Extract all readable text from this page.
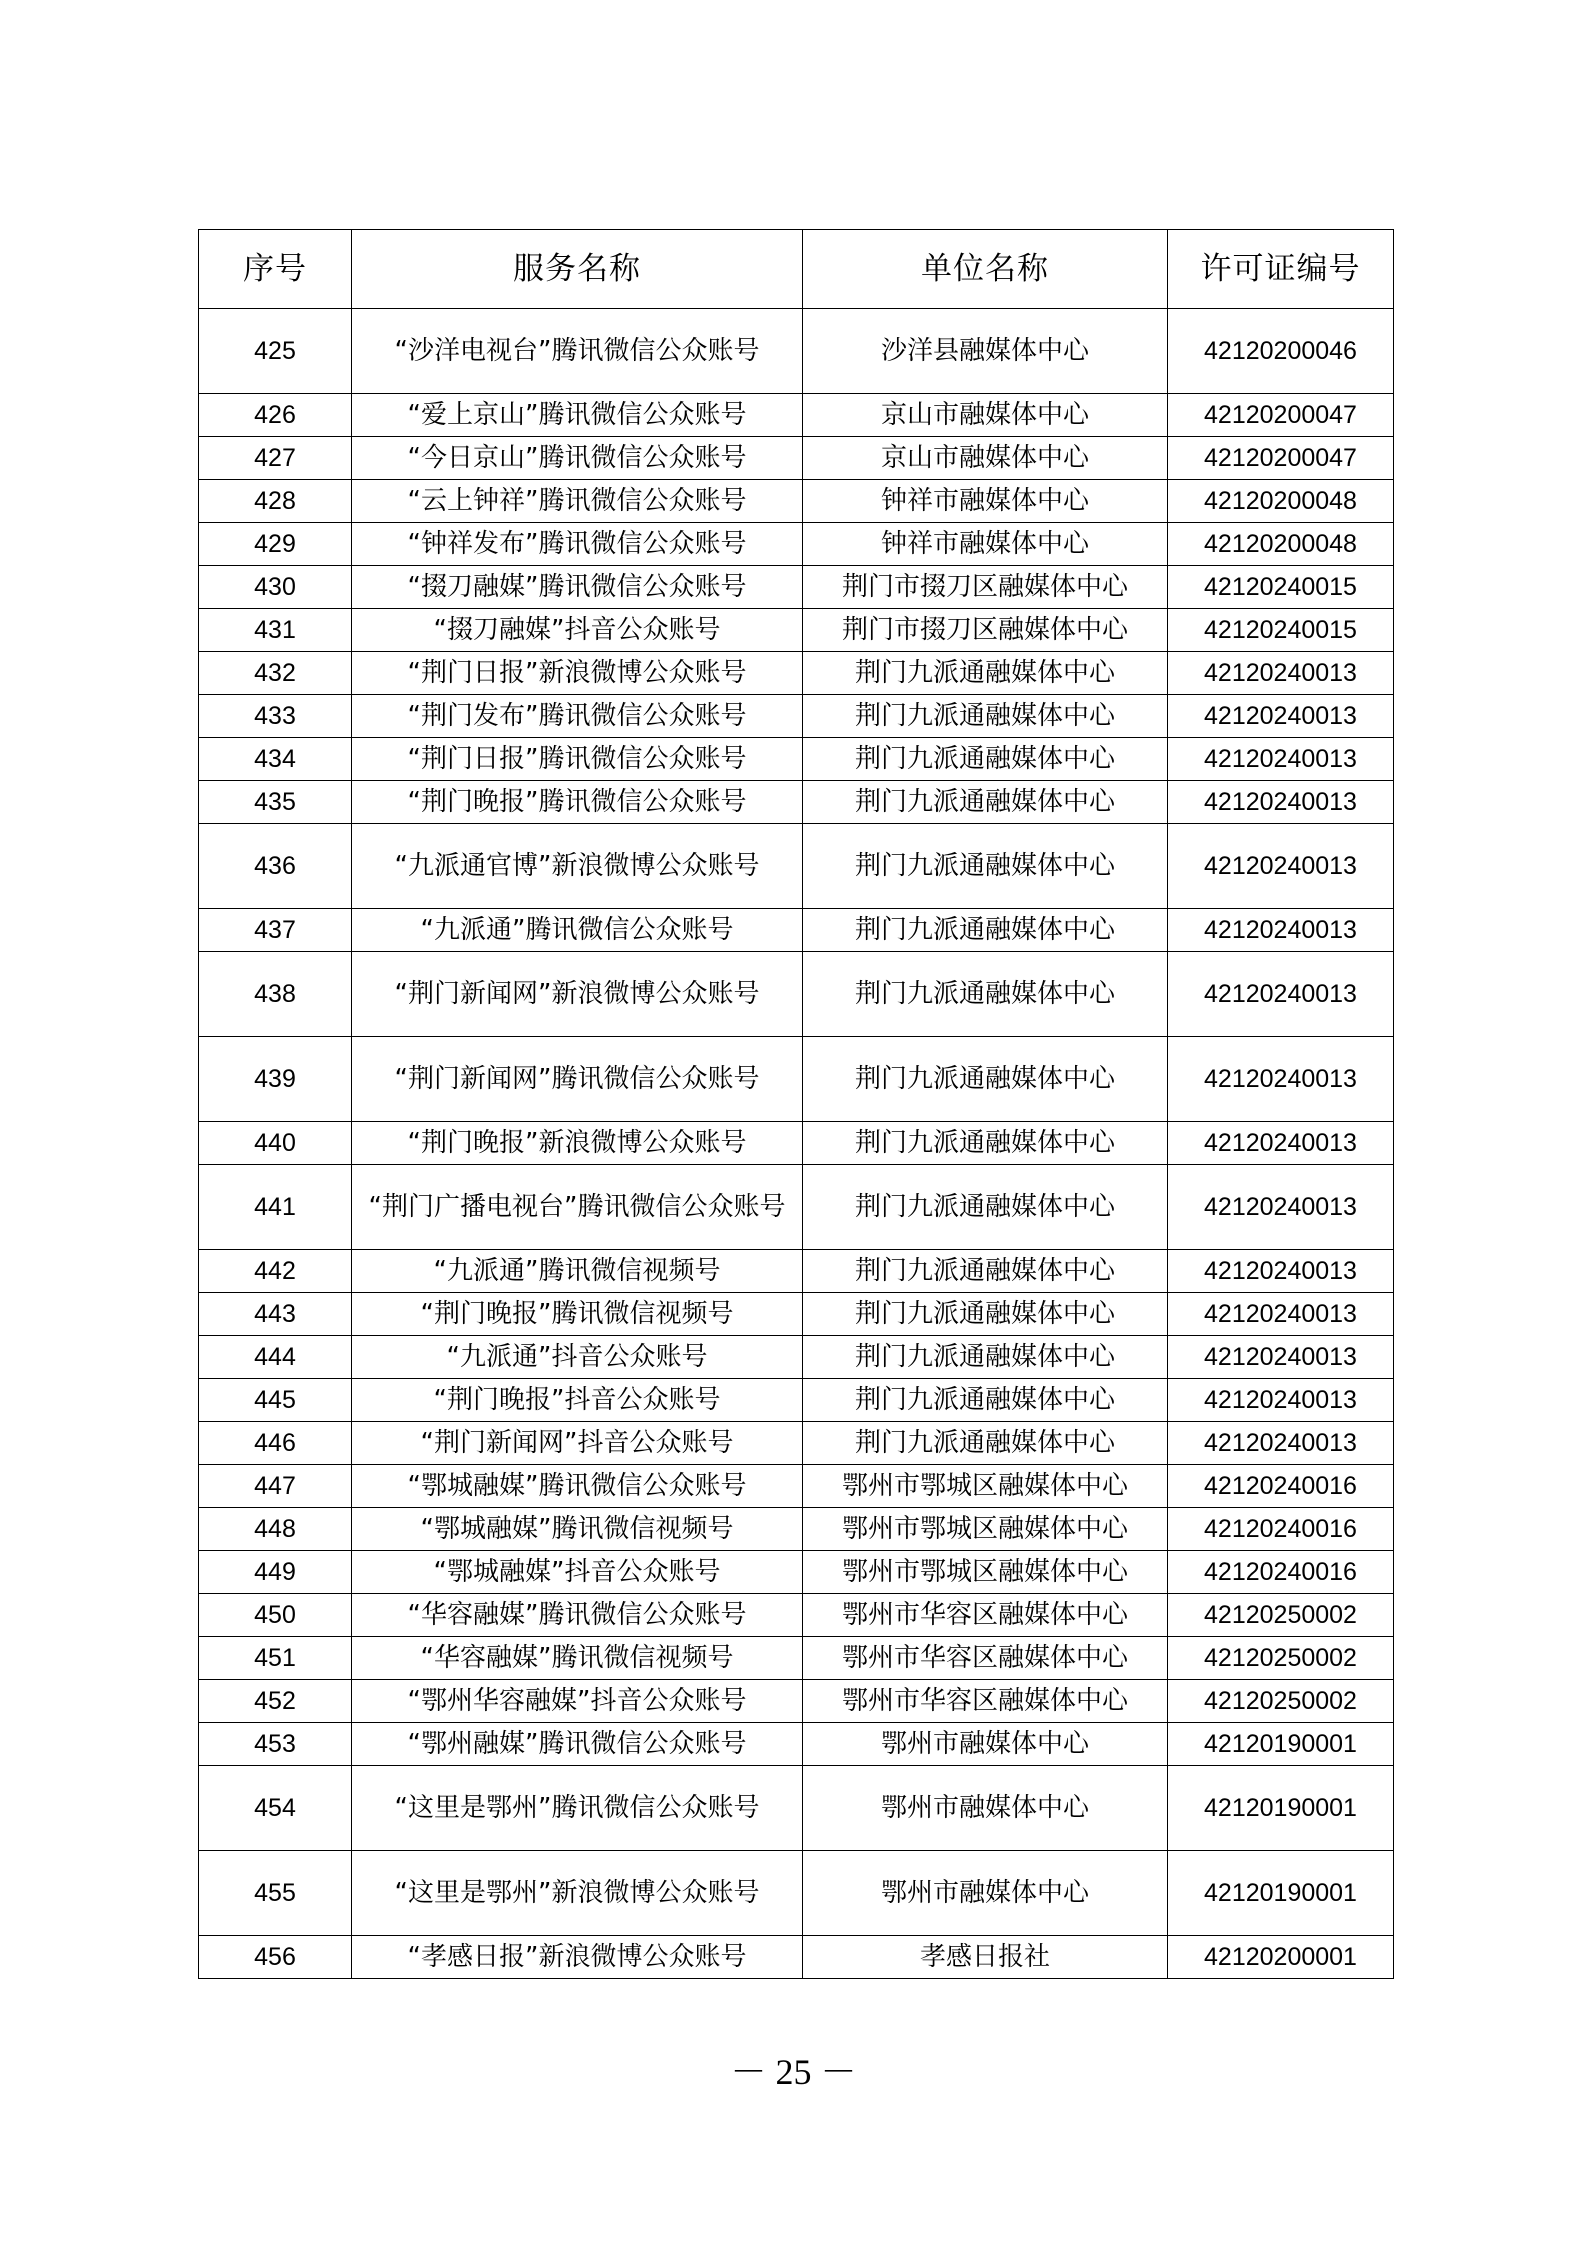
序号	服务名称	单位名称	许可证编号
425	“沙洋电视台”腾讯微信公众账号	沙洋县融媒体中心	42120200046
426	“爱上京山”腾讯微信公众账号	京山市融媒体中心	42120200047
427	“今日京山”腾讯微信公众账号	京山市融媒体中心	42120200047
428	“云上钟祥”腾讯微信公众账号	钟祥市融媒体中心	42120200048
429	“钟祥发布”腾讯微信公众账号	钟祥市融媒体中心	42120200048
430	“掇刀融媒”腾讯微信公众账号	荆门市掇刀区融媒体中心	42120240015
431	“掇刀融媒”抖音公众账号	荆门市掇刀区融媒体中心	42120240015
432	“荆门日报”新浪微博公众账号	荆门九派通融媒体中心	42120240013
433	“荆门发布”腾讯微信公众账号	荆门九派通融媒体中心	42120240013
434	“荆门日报”腾讯微信公众账号	荆门九派通融媒体中心	42120240013
435	“荆门晚报”腾讯微信公众账号	荆门九派通融媒体中心	42120240013
436	“九派通官博”新浪微博公众账号	荆门九派通融媒体中心	42120240013
437	“九派通”腾讯微信公众账号	荆门九派通融媒体中心	42120240013
438	“荆门新闻网”新浪微博公众账号	荆门九派通融媒体中心	42120240013
439	“荆门新闻网”腾讯微信公众账号	荆门九派通融媒体中心	42120240013
440	“荆门晚报”新浪微博公众账号	荆门九派通融媒体中心	42120240013
441	“荆门广播电视台”腾讯微信公众账号	荆门九派通融媒体中心	42120240013
442	“九派通”腾讯微信视频号	荆门九派通融媒体中心	42120240013
443	“荆门晚报”腾讯微信视频号	荆门九派通融媒体中心	42120240013
444	“九派通”抖音公众账号	荆门九派通融媒体中心	42120240013
445	“荆门晚报”抖音公众账号	荆门九派通融媒体中心	42120240013
446	“荆门新闻网”抖音公众账号	荆门九派通融媒体中心	42120240013
447	“鄂城融媒”腾讯微信公众账号	鄂州市鄂城区融媒体中心	42120240016
448	“鄂城融媒”腾讯微信视频号	鄂州市鄂城区融媒体中心	42120240016
449	“鄂城融媒”抖音公众账号	鄂州市鄂城区融媒体中心	42120240016
450	“华容融媒”腾讯微信公众账号	鄂州市华容区融媒体中心	42120250002
451	“华容融媒”腾讯微信视频号	鄂州市华容区融媒体中心	42120250002
452	“鄂州华容融媒”抖音公众账号	鄂州市华容区融媒体中心	42120250002
453	“鄂州融媒”腾讯微信公众账号	鄂州市融媒体中心	42120190001
454	“这里是鄂州”腾讯微信公众账号	鄂州市融媒体中心	42120190001
455	“这里是鄂州”新浪微博公众账号	鄂州市融媒体中心	42120190001
456	“孝感日报”新浪微博公众账号	孝感日报社	42120200001
－ 25 －
